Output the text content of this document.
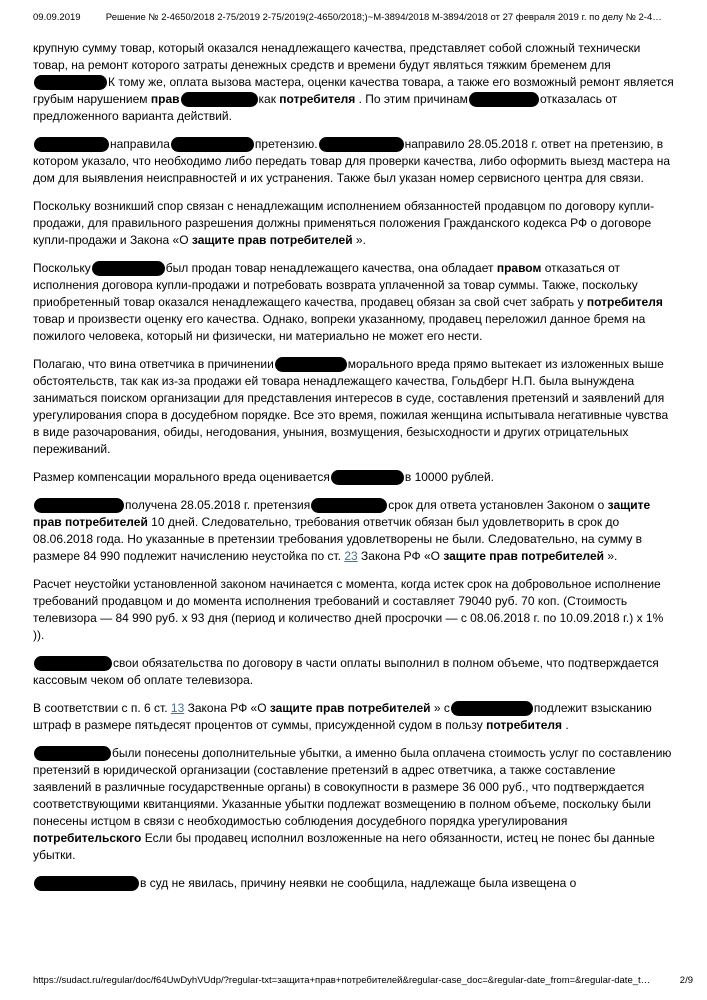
09.09.2019	Решение № 2-4650/2018 2-75/2019 2-75/2019(2-4650/2018;)~М-3894/2018 М-3894/2018 от 27 февраля 2019 г. по делу № 2-4…

крупную сумму товар, который оказался ненадлежащего качества, представляет собой сложный технически товар, на ремонт которого затраты денежных средств и времени будут являться тяжким бременем для К тому же, оплата вызова мастера, оценки качества товара, а также его возможный ремонт является грубым нарушением прав	как потребителя . По этим причинам	отказалась от предложенного варианта действий.

направила	претензию.	направило 28.05.2018 г. ответ на претензию, в котором указало, что необходимо либо передать товар для проверки качества, либо оформить выезд мастера на дом для выявления неисправностей и их устранения. Также был указан номер сервисного центра для связи.

Поскольку возникший спор связан с ненадлежащим исполнением обязанностей продавцом по договору купли-продажи, для правильного разрешения должны применяться положения Гражданского кодекса РФ о договоре купли-продажи и Закона «О защите прав потребителей ».

Поскольку	был продан товар ненадлежащего качества, она обладает правом отказаться от исполнения договора купли-продажи и потребовать возврата уплаченной за товар суммы. Также, поскольку приобретенный товар оказался ненадлежащего качества, продавец обязан за свой счет забрать у потребителя товар и произвести оценку его качества. Однако, вопреки указанному, продавец переложил данное бремя на пожилого человека, который ни физически, ни материально не может его нести.

Полагаю, что вина ответчика в причинении	морального вреда прямо вытекает из изложенных выше обстоятельств, так как из-за продажи ей товара ненадлежащего качества, Гольдберг Н.П. была вынуждена заниматься поиском организации для представления интересов в суде, составления претензий и заявлений для урегулирования спора в досудебном порядке. Все это время, пожилая женщина испытывала негативные чувства в виде разочарования, обиды, негодования, уныния, возмущения, безысходности и других отрицательных переживаний.

Размер компенсации морального вреда оценивается	в 10000 рублей.

получена 28.05.2018 г. претензия	срок для ответа установлен Законом о защите прав потребителей 10 дней. Следовательно, требования ответчик обязан был удовлетворить в срок до 08.06.2018 года. Но указанные в претензии требования удовлетворены не были. Следовательно, на сумму в размере 84 990 подлежит начислению неустойка по ст. 23 Закона РФ «О защите прав потребителей ».

Расчет неустойки установленной законом начинается с момента, когда истек срок на добровольное исполнение требований продавцом и до момента исполнения требований и составляет 79040 руб. 70 коп. (Стоимость телевизора — 84 990 руб. х 93 дня (период и количество дней просрочки — с 08.06.2018 г. по 10.09.2018 г.) х 1% )).

свои обязательства по договору в части оплаты выполнил в полном объеме, что подтверждается кассовым чеком об оплате телевизора.

В соответствии с п. 6 ст. 13 Закона РФ «О защите прав потребителей » с	подлежит взысканию штраф в размере пятьдесят процентов от суммы, присужденной судом в пользу потребителя .

были понесены дополнительные убытки, а именно была оплачена стоимость услуг по составлению претензий в юридической организации (составление претензий в адрес ответчика, а также составление заявлений в различные государственные органы) в совокупности в размере 36 000 руб., что подтверждается соответствующими квитанциями. Указанные убытки подлежат возмещению в полном объеме, поскольку были понесены истцом в связи с необходимостью соблюдения досудебного порядка урегулирования потребительского Если бы продавец исполнил возложенные на него обязанности, истец не понес бы данные убытки.

в суд не явилась, причину неявки не сообщила, надлежаще была извещена о

https://sudact.ru/regular/doc/f64UwDyhVUdp/?regular-txt=защита+прав+потребителей&regular-case_doc=&regular-date_from=&regular-date_t…	2/9
